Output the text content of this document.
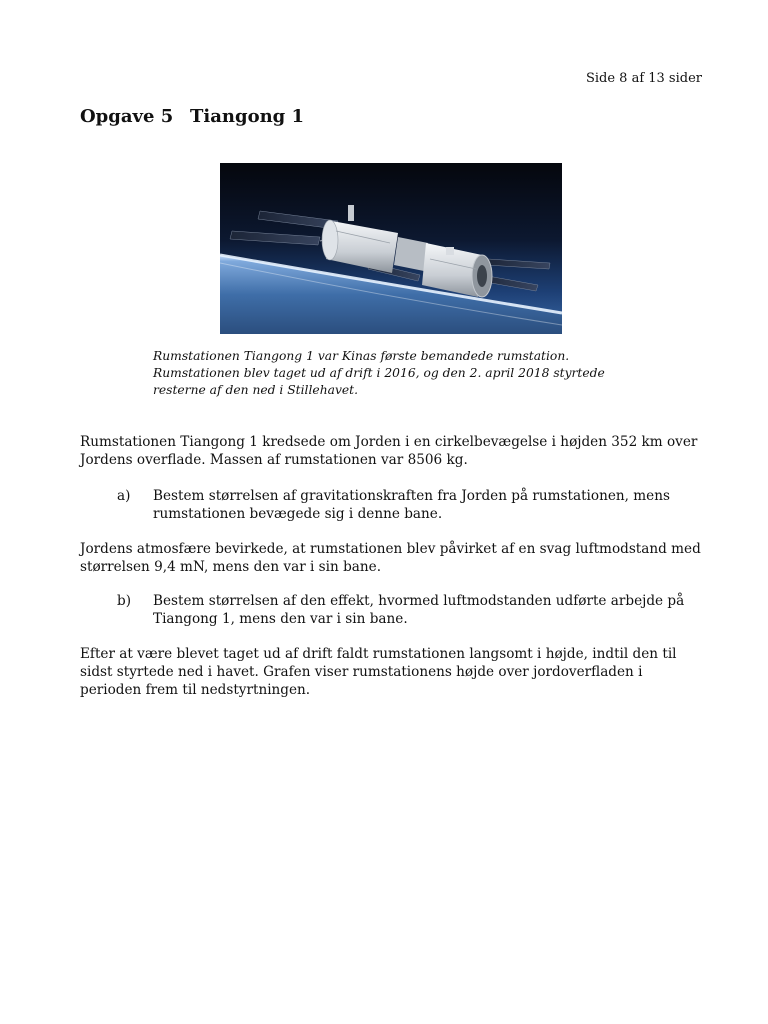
Side 8 af 13 sider
Opgave 5 Tiangong 1

Rumstationen Tiangong 1 var Kinas første bemandede rumstation. Rumstationen blev taget ud af drift i 2016, og den 2. april 2018 styrtede resterne af den ned i Stillehavet.

Rumstationen Tiangong 1 kredsede om Jorden i en cirkelbevægelse i højden 352 km over Jordens overflade. Massen af rumstationen var 8506 kg.

a) Bestem størrelsen af gravitationskraften fra Jorden på rumstationen, mens rumstationen bevægede sig i denne bane.

Jordens atmosfære bevirkede, at rumstationen blev påvirket af en svag luftmodstand med størrelsen 9,4 mN, mens den var i sin bane.

b) Bestem størrelsen af den effekt, hvormed luftmodstanden udførte arbejde på Tiangong 1, mens den var i sin bane.

Efter at være blevet taget ud af drift faldt rumstationen langsomt i højde, indtil den til sidst styrtede ned i havet. Grafen viser rumstationens højde over jordoverfladen i perioden frem til nedstyrtningen.
